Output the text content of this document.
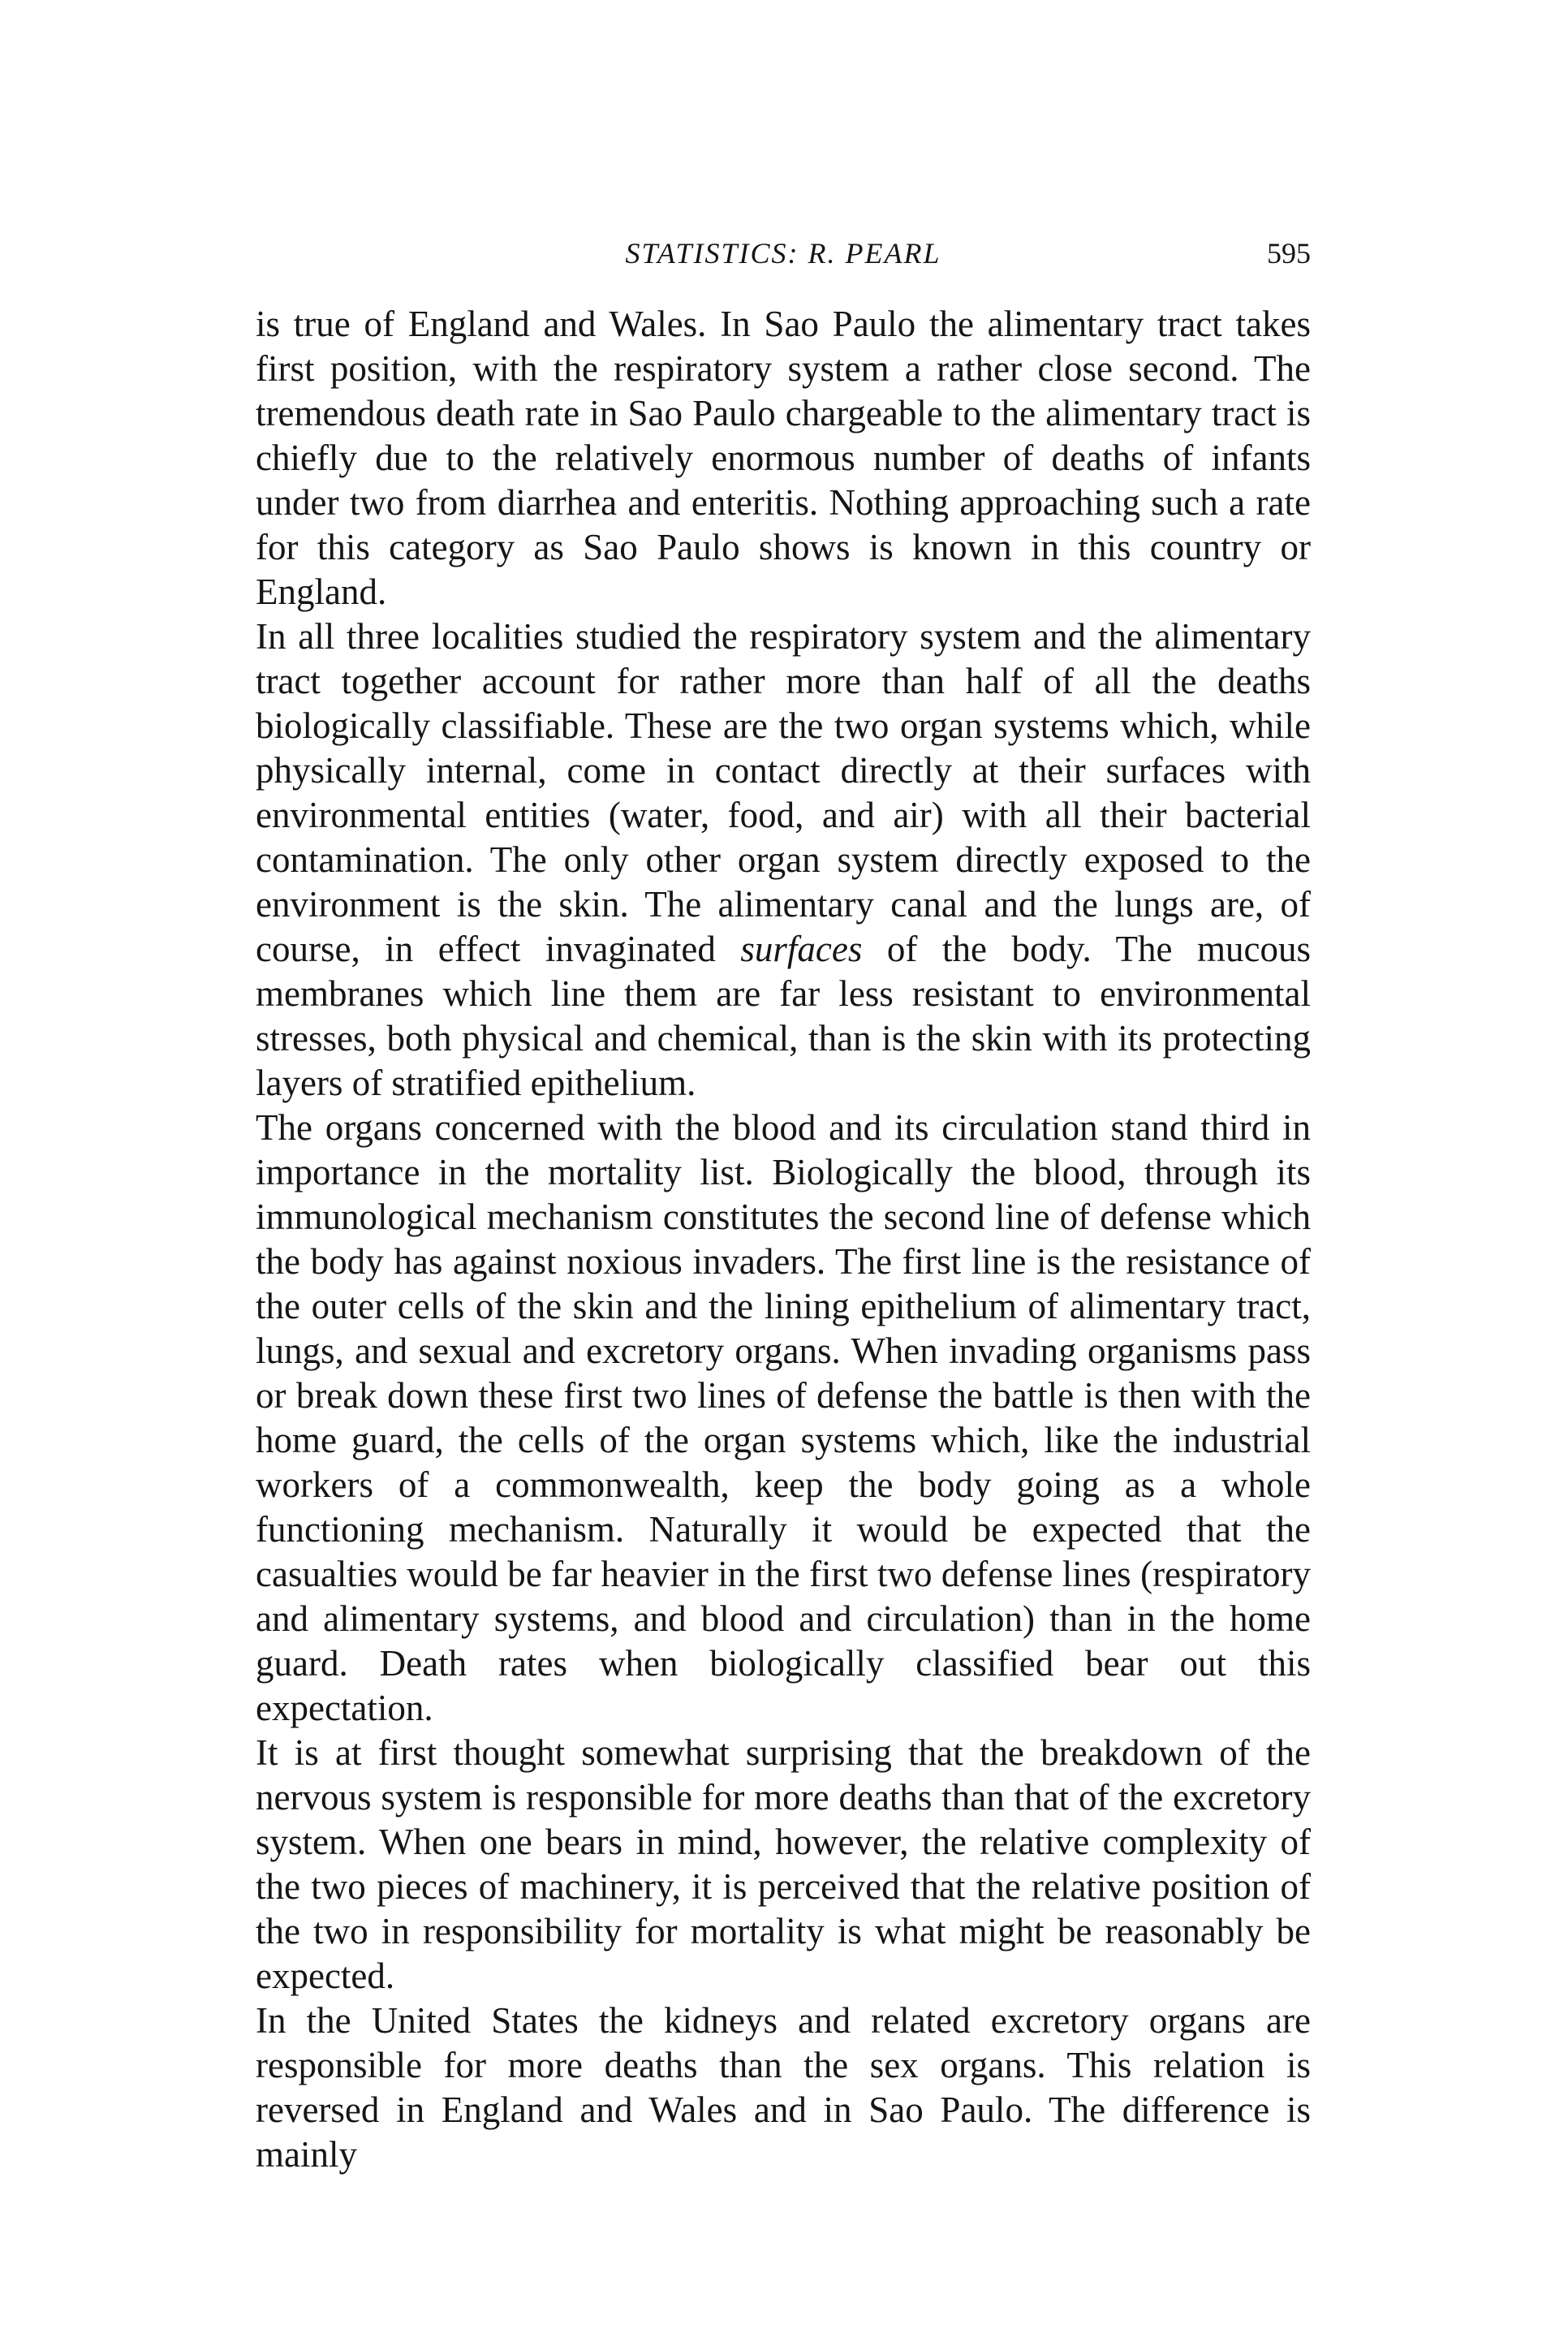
STATISTICS: R. PEARL	595

is true of England and Wales. In Sao Paulo the alimentary tract takes first position, with the respiratory system a rather close second. The tremendous death rate in Sao Paulo chargeable to the alimentary tract is chiefly due to the relatively enormous number of deaths of infants under two from diarrhea and enteritis. Nothing approaching such a rate for this category as Sao Paulo shows is known in this country or England.

In all three localities studied the respiratory system and the alimentary tract together account for rather more than half of all the deaths biologically classifiable. These are the two organ systems which, while physically internal, come in contact directly at their surfaces with environmental entities (water, food, and air) with all their bacterial contamination. The only other organ system directly exposed to the environment is the skin. The alimentary canal and the lungs are, of course, in effect invaginated surfaces of the body. The mucous membranes which line them are far less resistant to environmental stresses, both physical and chemical, than is the skin with its protecting layers of stratified epithelium.

The organs concerned with the blood and its circulation stand third in importance in the mortality list. Biologically the blood, through its immunological mechanism constitutes the second line of defense which the body has against noxious invaders. The first line is the resistance of the outer cells of the skin and the lining epithelium of alimentary tract, lungs, and sexual and excretory organs. When invading organisms pass or break down these first two lines of defense the battle is then with the home guard, the cells of the organ systems which, like the industrial workers of a commonwealth, keep the body going as a whole functioning mechanism. Naturally it would be expected that the casualties would be far heavier in the first two defense lines (respiratory and alimentary systems, and blood and circulation) than in the home guard. Death rates when biologically classified bear out this expectation.

It is at first thought somewhat surprising that the breakdown of the nervous system is responsible for more deaths than that of the excretory system. When one bears in mind, however, the relative complexity of the two pieces of machinery, it is perceived that the relative position of the two in responsibility for mortality is what might be reasonably be expected.

In the United States the kidneys and related excretory organs are responsible for more deaths than the sex organs. This relation is reversed in England and Wales and in Sao Paulo. The difference is mainly
